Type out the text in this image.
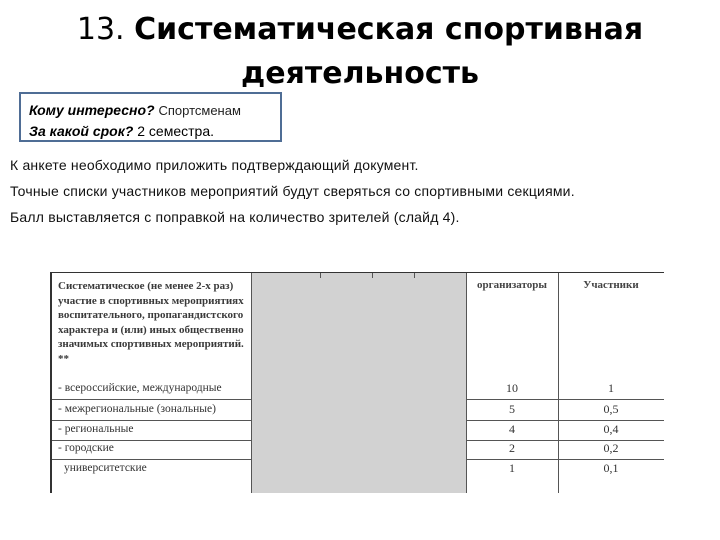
13. Систематическая спортивная деятельность
Кому интересно? Спортсменам
За какой срок? 2 семестра.
К анкете необходимо приложить подтверждающий документ.
Точные списки участников мероприятий будут сверяться со спортивными секциями.
Балл выставляется с поправкой на количество зрителей (слайд 4).
Систематическое (не менее 2-х раз) участие в спортивных мероприятиях воспитательного, пропагандистского характера и (или) иных общественно значимых спортивных мероприятий. **
организаторы	Участники
- всероссийские, международные	10	1
- межрегиональные (зональные)	5	0,5
- региональные	4	0,4
- городские	2	0,2
университетские	1	0,1
